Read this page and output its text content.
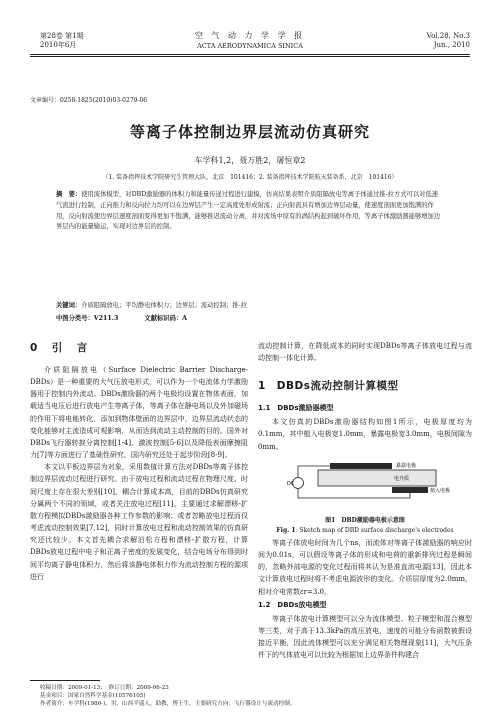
第28卷 第1期
2010年6月
空 气 动 力 学 学 报
ACTA AERODYNAMICA SINICA
Vol.28, No.3
Jun., 2010
文章编号：0258-1825(2010)03-0279-06
等离子体控制边界层流动仿真研究
车学科1,2，聂万胜2，屠恒章2
（1. 装备指挥技术学院研究生管理大队，北京　101416；2. 装备指挥技术学院航天装备系，北京　101416）
摘　要：使用流体模型，对DBD激励器的体积力和能量传递过程进行建模，仿真结果表明介质阻隔放电等离子体通过推-拉方式可以对低速气流进行控制，正向推力和反向拉力均可以在边界层产生一定高度处形成射流；正向射流具有增加边界层动量，使速度剖面更加饱满的作用，反向射流使边界层速度剖面变得更加不饱满，能够推迟流动分离，并对流场中原有的涡结构起到破坏作用，等离子体激励器能够增加边界层内的能量输运，实现对边界层的控制。
关键词：介质阻隔放电；平均静电体积力；边界层；流动控制；推-拉
中图分类号：V211.3	文献标识码：A
0　引　言

介质阻隔放电（Surface Dielectric Barrier Discharge-DBDs）是一种重要的大气压放电形式，可以作为一个电流体力学激励器用于控制内外流动。DBDs激励器的两个电极均设置在物体表面，加载适当电压后进行放电产生等离子体，等离子体在静电场以及外加磁场的作用下将电能转化，添加到物体壁面的边界层中，边界层流动状态的变化能够对主流造成可观影响，从而达到流动主动控制的目的。国外对DBDs飞行器转捩分离控制[1-4]、激波控制[5-6]以及降低表面摩擦阻力[7]等方面进行了基础性研究，国内研究还处于起步阶段[8-9]。

本文以平板边界层为对象，采用数值计算方法对DBDs等离子体控制边界层流动过程进行研究。由于放电过程和流动过程在物理尺度、时间尺度上存在很大差别[10]，耦合计算成本高，目前的DBDs仿真研究分属两个不同的领域，或者关注放电过程[11]，主要通过求解漂移-扩散方程模拟DBDs激励器各种工作参数的影响；或者忽略放电过程而仅考虑流动控制效果[7,12]，同时计算放电过程和流动控制效果的仿真研究还比较少。本文首先耦合求解泊松方程和漂移-扩散方程，计算DBDs放电过程中电子和正离子密度的发展变化，结合电场分布得到时间平均离子静电体积力，然后将该静电体积力作为流动控制方程的源项进行

流动控制计算，在降低成本的同时实现DBDs等离子体放电过程与流动控制一体化计算。

1　DBDs流动控制计算模型
1.1　DBDs激励器模型

本文仿真的DBDs激励器结构如图1所示，电极厚度均为0.1mm，其中植入电极宽1.0mm，暴露电极宽3.0mm，电极间隙为0mm。

DC
暴露电极
电介质
植入电极
图1　DBD激励器电极示意图
Fig. 1 Sketch map of DBD surface discharge's electrodes

等离子体放电时间为几个ns，而流体对等离子体激励器的响应时间为0.01s，可以假设等离子体的形成和电荷的重新排列过程是瞬间的，忽略外部电源的变化过程而将其认为是准直流电源[13]，因此本文计算放电过程时将不考虑电源波形的变化。介质层厚度为2.0mm，相对介电常数εr=3.0。

1.2　DBDs放电模型

等离子体放电计算模型可以分为流体模型、粒子模型和混合模型等三类，对于高于13.3kPa的高压放电，速度的可能分布函数被假设接近平衡，因此流体模型可以充分满足相关物理现象[11]，大气压条件下的气体放电可以比较为根据加上边界条件构建合

收稿日期：2009-01-13；　修订日期：2009-06-23
基金项目：国家自然科学基金(10576105)
作者简介：车学科(1980-)，男，山西平遥人，助教，博士生，主要研究方向：飞行器设计与流动控制。
